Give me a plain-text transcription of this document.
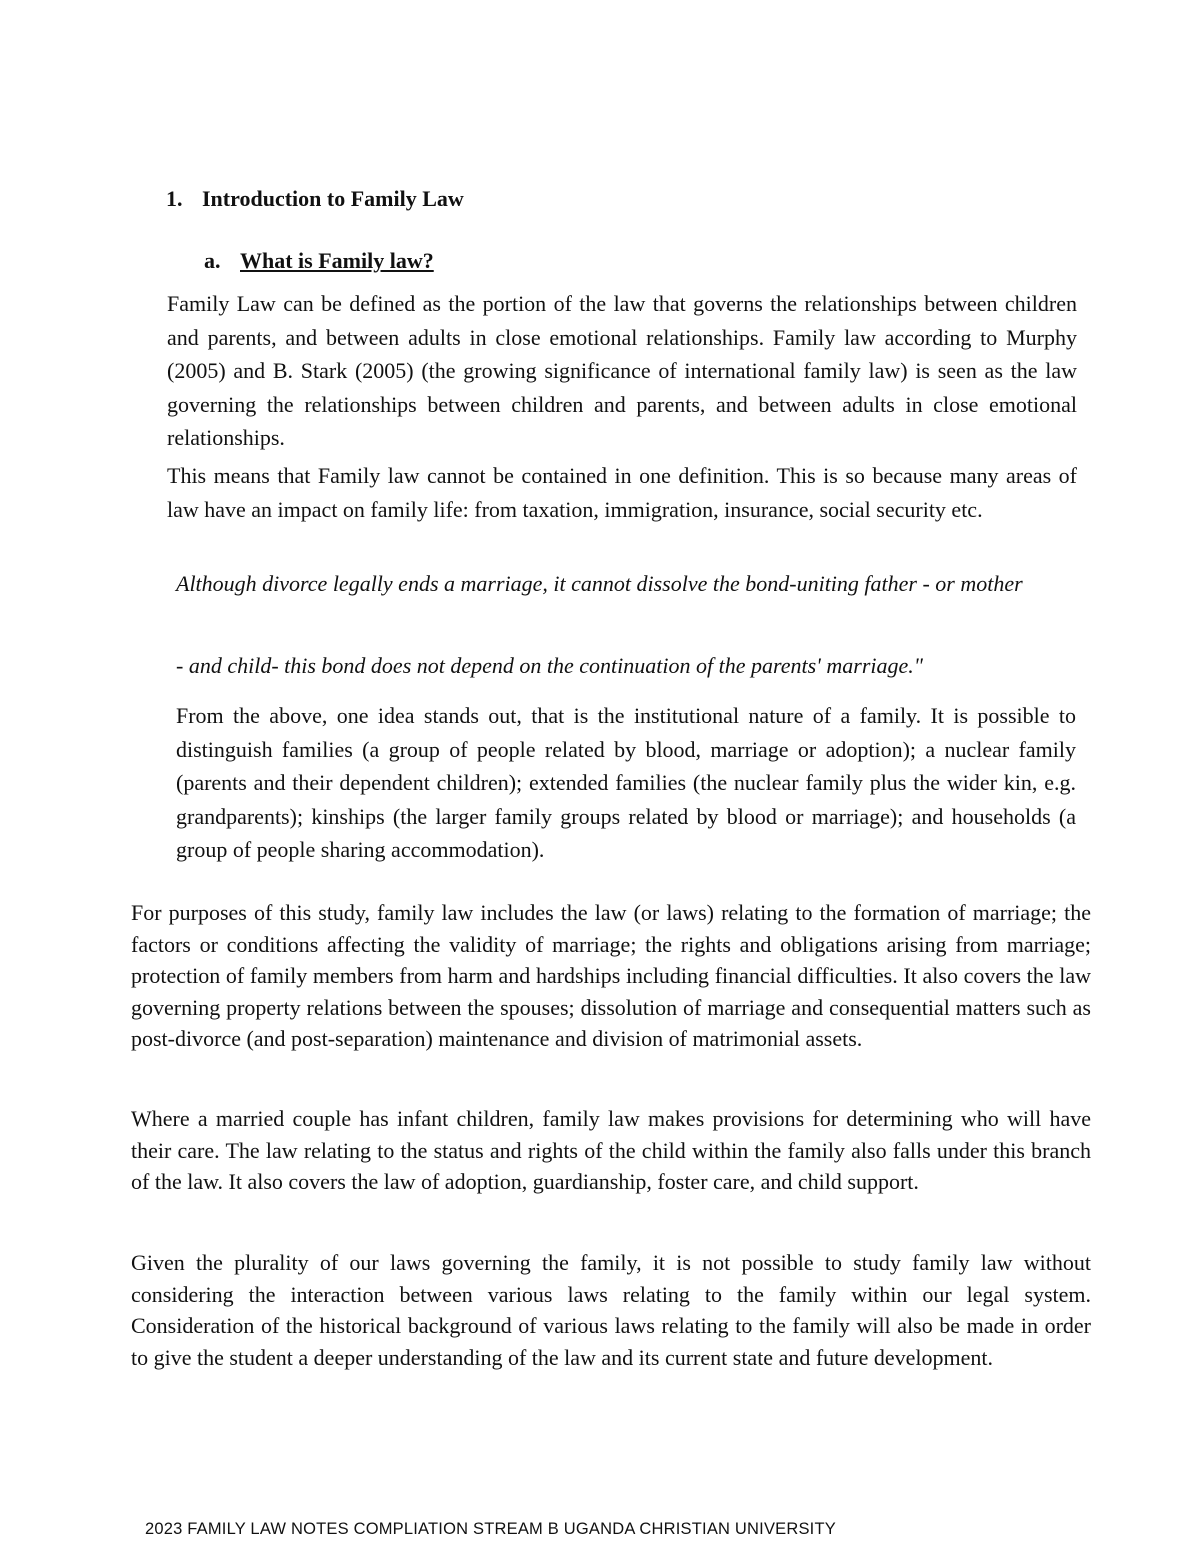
1. Introduction to Family Law
a. What is Family law?

Family Law can be defined as the portion of the law that governs the relationships between children and parents, and between adults in close emotional relationships. Family law according to Murphy (2005) and B. Stark (2005) (the growing significance of international family law) is seen as the law governing the relationships between children and parents, and between adults in close emotional relationships.

This means that Family law cannot be contained in one definition. This is so because many areas of law have an impact on family life: from taxation, immigration, insurance, social security etc.

Although divorce legally ends a marriage, it cannot dissolve the bond-uniting father - or mother

- and child- this bond does not depend on the continuation of the parents' marriage."

From the above, one idea stands out, that is the institutional nature of a family. It is possible to distinguish families (a group of people related by blood, marriage or adoption); a nuclear family (parents and their dependent children); extended families (the nuclear family plus the wider kin, e.g. grandparents); kinships (the larger family groups related by blood or marriage); and households (a group of people sharing accommodation).

For purposes of this study, family law includes the law (or laws) relating to the formation of marriage; the factors or conditions affecting the validity of marriage; the rights and obligations arising from marriage; protection of family members from harm and hardships including financial difficulties. It also covers the law governing property relations between the spouses; dissolution of marriage and consequential matters such as post-divorce (and post-separation) maintenance and division of matrimonial assets.

Where a married couple has infant children, family law makes provisions for determining who will have their care. The law relating to the status and rights of the child within the family also falls under this branch of the law. It also covers the law of adoption, guardianship, foster care, and child support.

Given the plurality of our laws governing the family, it is not possible to study family law without considering the interaction between various laws relating to the family within our legal system. Consideration of the historical background of various laws relating to the family will also be made in order to give the student a deeper understanding of the law and its current state and future development.

2023 FAMILY LAW NOTES COMPLIATION STREAM B UGANDA CHRISTIAN UNIVERSITY
